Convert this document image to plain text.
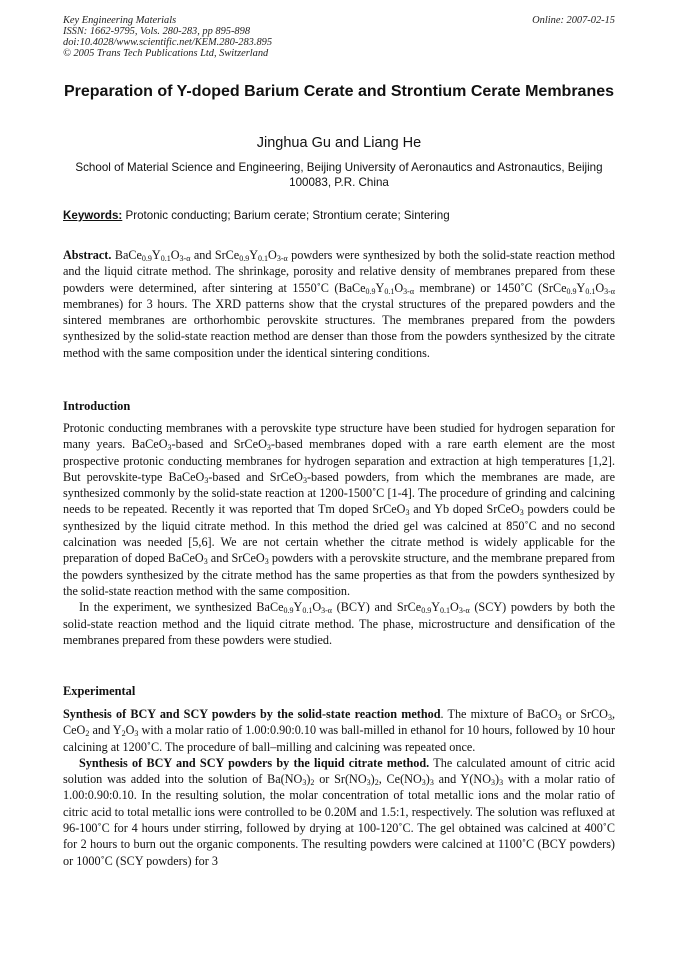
Key Engineering Materials
ISSN: 1662-9795, Vols. 280-283, pp 895-898
doi:10.4028/www.scientific.net/KEM.280-283.895
© 2005 Trans Tech Publications Ltd, Switzerland
Online: 2007-02-15
Preparation of Y-doped Barium Cerate and Strontium Cerate Membranes
Jinghua Gu and Liang He
School of Material Science and Engineering, Beijing University of Aeronautics and Astronautics, Beijing 100083, P.R. China
Keywords: Protonic conducting; Barium cerate; Strontium cerate; Sintering

Abstract. $BaCe_{0.9}Y_{0.1}O_{3-\alpha}$ and $SrCe_{0.9}Y_{0.1}O_{3-\alpha}$ powders were synthesized by both the solid-state reaction method and the liquid citrate method. The shrinkage, porosity and relative density of membranes prepared from these powders were determined, after sintering at 1550˚C ($BaCe_{0.9}Y_{0.1}O_{3-\alpha}$ membrane) or 1450˚C ($SrCe_{0.9}Y_{0.1}O_{3-\alpha}$ membranes) for 3 hours. The XRD patterns show that the crystal structures of the prepared powders and the sintered membranes are orthorhombic perovskite structures. The membranes prepared from the powders synthesized by the solid-state reaction method are denser than those from the powders synthesized by the citrate method with the same composition under the identical sintering conditions.

Introduction

Protonic conducting membranes with a perovskite type structure have been studied for hydrogen separation for many years. BaCeO$_3$-based and SrCeO$_3$-based membranes doped with a rare earth element are the most prospective protonic conducting membranes for hydrogen separation and extraction at high temperatures [1,2]. But perovskite-type BaCeO$_3$-based and SrCeO$_3$-based powders, from which the membranes are made, are synthesized commonly by the solid-state reaction at 1200-1500˚C [1-4]. The procedure of grinding and calcining needs to be repeated. Recently it was reported that Tm doped SrCeO$_3$ and Yb doped SrCeO$_3$ powders could be synthesized by the liquid citrate method. In this method the dried gel was calcined at 850˚C and no second calcination was needed [5,6]. We are not certain whether the citrate method is widely applicable for the preparation of doped BaCeO$_3$ and SrCeO$_3$ powders with a perovskite structure, and the membrane prepared from the powders synthesized by the citrate method has the same properties as that from the powders synthesized by the solid-state reaction method with the same composition.

In the experiment, we synthesized $BaCe_{0.9}Y_{0.1}O_{3-\alpha}$ (BCY) and $SrCe_{0.9}Y_{0.1}O_{3-\alpha}$ (SCY) powders by both the solid-state reaction method and the liquid citrate method. The phase, microstructure and densification of the membranes prepared from these powders were studied.

Experimental

Synthesis of BCY and SCY powders by the solid-state reaction method. The mixture of BaCO$_3$ or SrCO$_3$, CeO$_2$ and $Y_2O_3$ with a molar ratio of 1.00:0.90:0.10 was ball-milled in ethanol for 10 hours, followed by 10 hour calcining at 1200˚C. The procedure of ball–milling and calcining was repeated once.

Synthesis of BCY and SCY powders by the liquid citrate method. The calculated amount of citric acid solution was added into the solution of $Ba(NO_3)_2$ or $Sr(NO_3)_2$, $Ce(NO_3)_3$ and $Y(NO_3)_3$ with a molar ratio of 1.00:0.90:0.10. In the resulting solution, the molar concentration of total metallic ions and the molar ratio of citric acid to total metallic ions were controlled to be 0.20M and 1.5:1, respectively. The solution was refluxed at 96-100˚C for 4 hours under stirring, followed by drying at 100-120˚C. The gel obtained was calcined at 400˚C for 2 hours to burn out the organic components. The resulting powders were calcined at 1100˚C (BCY powders) or 1000˚C (SCY powders) for 3
